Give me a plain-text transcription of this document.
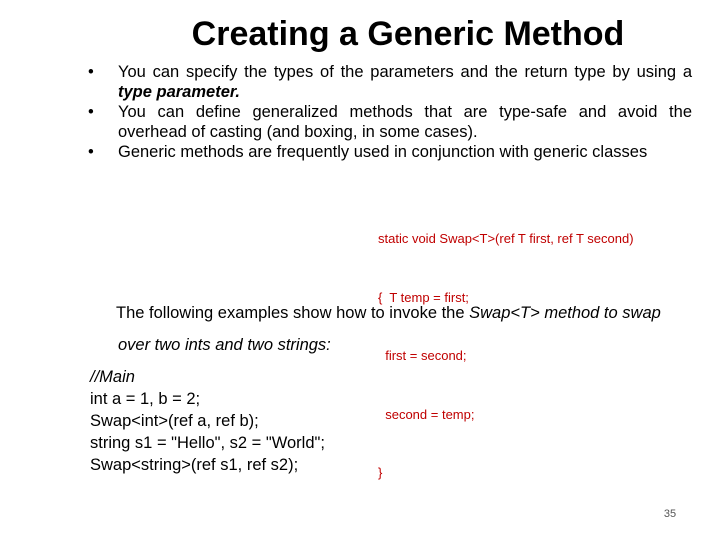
Creating a Generic Method

• You can specify the types of the parameters and the return type by using a type parameter.

• You can define generalized methods that are type-safe and avoid the overhead of casting (and boxing, in some cases).

• Generic methods are frequently used in conjunction with generic classes

static void Swap<T>(ref T first, ref T second)

{  T temp = first;

first = second;

second = temp;

}

The following examples show how to invoke the Swap<T> method to swap
over two ints and two strings:
//Main
int a = 1, b = 2;
Swap<int>(ref a, ref b);
string s1 = "Hello", s2 = "World";
Swap<string>(ref s1, ref s2);
35
